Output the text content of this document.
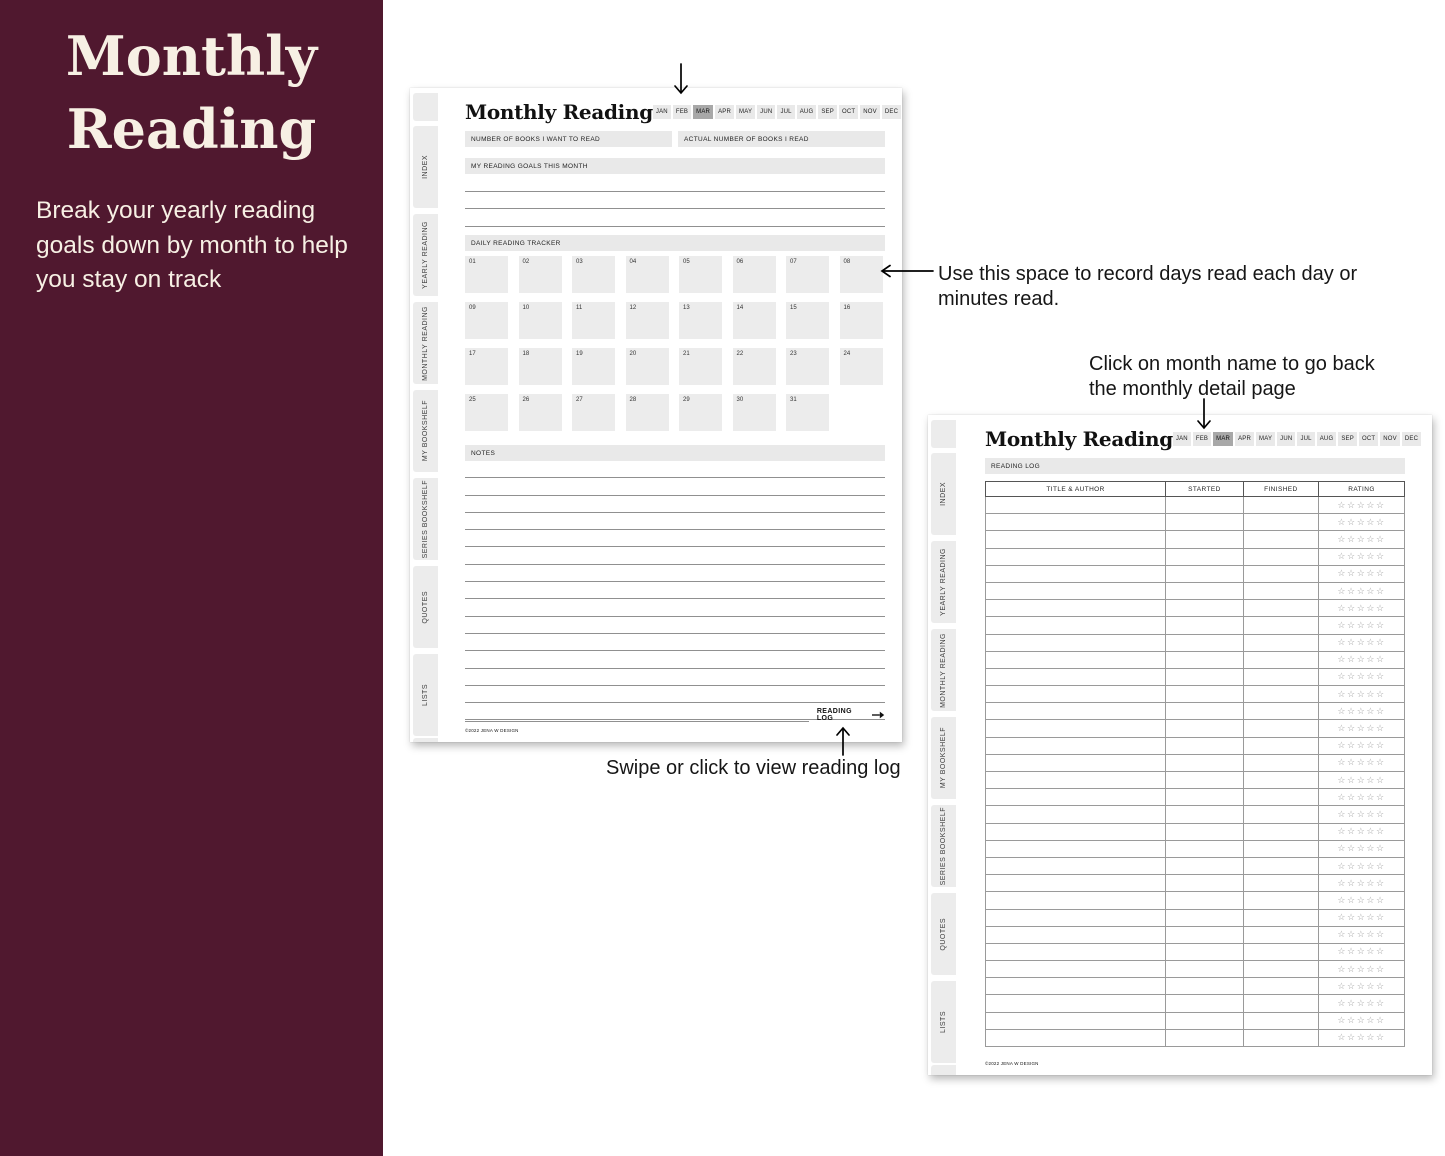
Monthly
Reading
Break your yearly reading goals down by month to help you stay on track
INDEX
YEARLY READING
MONTHLY READING
MY BOOKSHELF
SERIES BOOKSHELF
QUOTES
LISTS
Monthly Reading JAN	FEB	MAR	APR	MAY	JUN	JUL	AUG	SEP	OCT	NOV	DEC
NUMBER OF BOOKS I WANT TO READ	ACTUAL NUMBER OF BOOKS I READ
MY READING GOALS THIS MONTH
DAILY READING TRACKER
01	02	03	04	05	06	07	08
09	10	11	12	13	14	15	16
17	18	19	20	21	22	23	24
25	26	27	28	29	30	31
NOTES
READING LOG
©2022 JENA W DESIGN
INDEX
YEARLY READING
MONTHLY READING
MY BOOKSHELF
SERIES BOOKSHELF
QUOTES
LISTS
Monthly Reading JAN	FEB	MAR	APR	MAY	JUN	JUL	AUG	SEP	OCT	NOV	DEC
READING LOG
TITLE & AUTHOR	STARTED	FINISHED	RATING
			☆☆☆☆☆
			☆☆☆☆☆
			☆☆☆☆☆
			☆☆☆☆☆
			☆☆☆☆☆
			☆☆☆☆☆
			☆☆☆☆☆
			☆☆☆☆☆
			☆☆☆☆☆
			☆☆☆☆☆
			☆☆☆☆☆
			☆☆☆☆☆
			☆☆☆☆☆
			☆☆☆☆☆
			☆☆☆☆☆
			☆☆☆☆☆
			☆☆☆☆☆
			☆☆☆☆☆
			☆☆☆☆☆
			☆☆☆☆☆
			☆☆☆☆☆
			☆☆☆☆☆
			☆☆☆☆☆
			☆☆☆☆☆
			☆☆☆☆☆
			☆☆☆☆☆
			☆☆☆☆☆
			☆☆☆☆☆
			☆☆☆☆☆
			☆☆☆☆☆
			☆☆☆☆☆
			☆☆☆☆☆
©2022 JENA W DESIGN
Use this space to record days read each day or minutes read.
Click on month name to go back the monthly detail page
Swipe or click to view reading log
